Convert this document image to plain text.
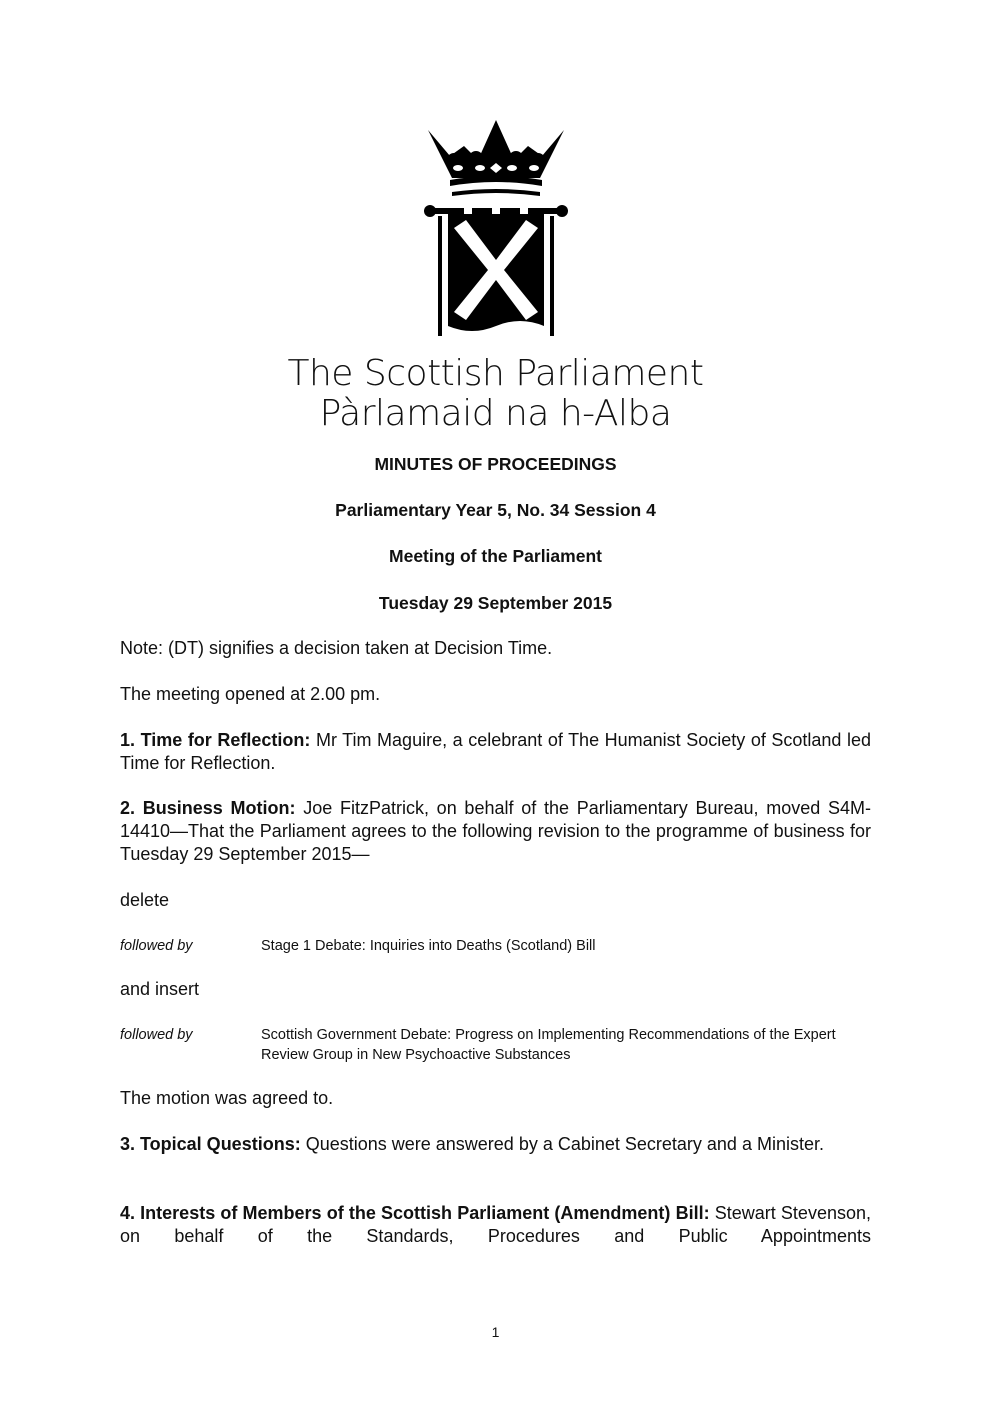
The Scottish Parliament
Pàrlamaid na h-Alba
MINUTES OF PROCEEDINGS
Parliamentary Year 5, No. 34 Session 4
Meeting of the Parliament
Tuesday 29 September 2015
Note: (DT) signifies a decision taken at Decision Time.
The meeting opened at 2.00 pm.
1. Time for Reflection: Mr Tim Maguire, a celebrant of The Humanist Society of Scotland led Time for Reflection.
2. Business Motion: Joe FitzPatrick, on behalf of the Parliamentary Bureau, moved S4M-14410—That the Parliament agrees to the following revision to the programme of business for Tuesday 29 September 2015—
delete
followed by	Stage 1 Debate: Inquiries into Deaths (Scotland) Bill
and insert
followed by	Scottish Government Debate: Progress on Implementing Recommendations of the Expert Review Group in New Psychoactive Substances
The motion was agreed to.
3. Topical Questions: Questions were answered by a Cabinet Secretary and a Minister.
4. Interests of Members of the Scottish Parliament (Amendment) Bill: Stewart Stevenson, on behalf of the Standards, Procedures and Public Appointments
1
